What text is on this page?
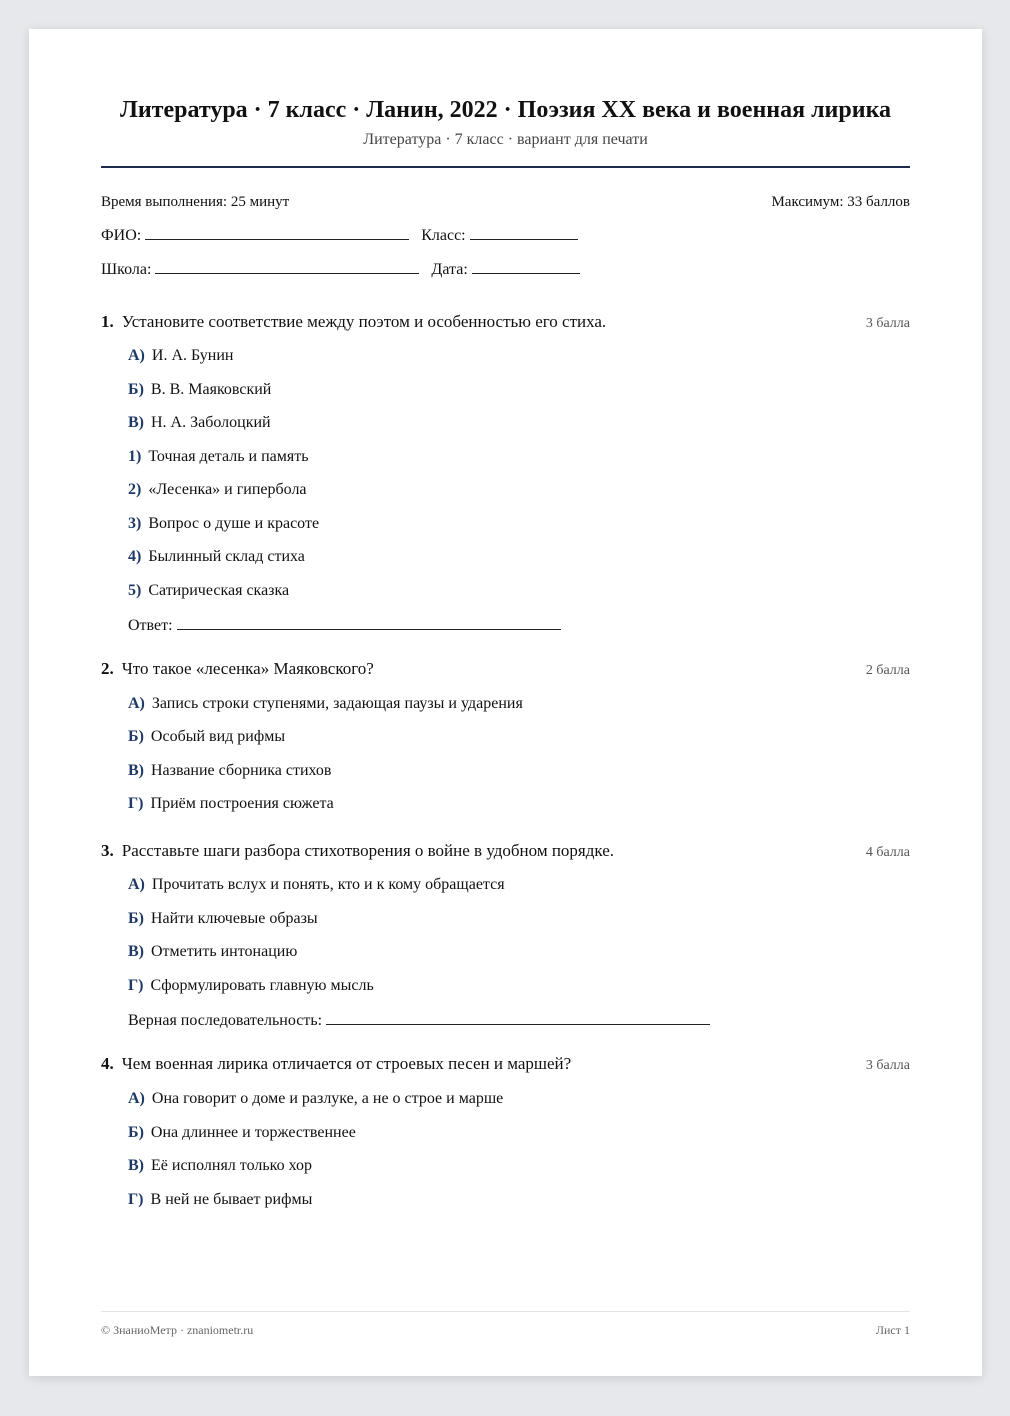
Литература · 7 класс · Ланин, 2022 · Поэзия XX века и военная лирика
Литература · 7 класс · вариант для печати
Время выполнения: 25 минут	Максимум: 33 баллов
ФИО:	Класс:
Школа:	Дата:
1. Установите соответствие между поэтом и особенностью его стиха.	3 балла
А) И. А. Бунин
Б) В. В. Маяковский
В) Н. А. Заболоцкий
1) Точная деталь и память
2) «Лесенка» и гипербола
3) Вопрос о душе и красоте
4) Былинный склад стиха
5) Сатирическая сказка
Ответ:
2. Что такое «лесенка» Маяковского?	2 балла
А) Запись строки ступенями, задающая паузы и ударения
Б) Особый вид рифмы
В) Название сборника стихов
Г) Приём построения сюжета
3. Расставьте шаги разбора стихотворения о войне в удобном порядке.	4 балла
А) Прочитать вслух и понять, кто и к кому обращается
Б) Найти ключевые образы
В) Отметить интонацию
Г) Сформулировать главную мысль
Верная последовательность:
4. Чем военная лирика отличается от строевых песен и маршей?	3 балла
А) Она говорит о доме и разлуке, а не о строе и марше
Б) Она длиннее и торжественнее
В) Её исполнял только хор
Г) В ней не бывает рифмы
© ЗнаниоМетр · znaniometr.ru	Лист 1
